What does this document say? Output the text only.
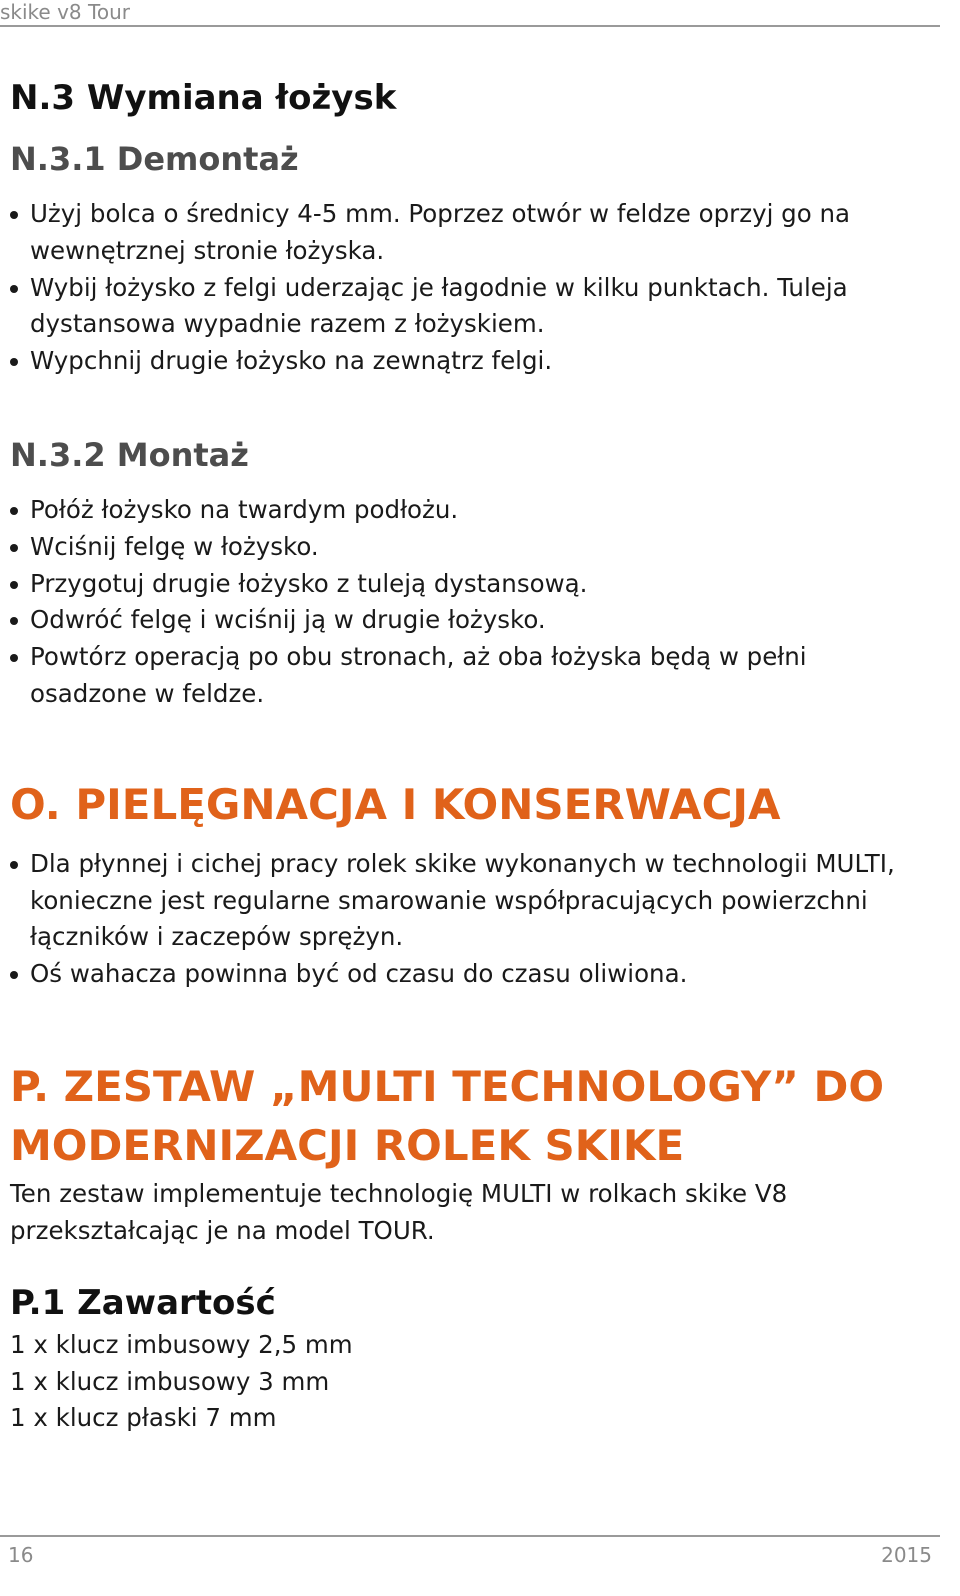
skike v8 Tour
N.3 Wymiana łożysk
N.3.1 Demontaż
Użyj bolca o średnicy 4-5 mm. Poprzez otwór w feldze oprzyj go na wewnętrznej stronie łożyska.
Wybij łożysko z felgi uderzając je łagodnie w kilku punktach. Tuleja dystansowa wypadnie razem z łożyskiem.
Wypchnij drugie łożysko na zewnątrz felgi.
N.3.2 Montaż
Połóż łożysko na twardym podłożu.
Wciśnij felgę w łożysko.
Przygotuj drugie łożysko z tuleją dystansową.
Odwróć felgę i wciśnij ją w drugie łożysko.
Powtórz operacją po obu stronach, aż oba łożyska będą w pełni osadzone w feldze.
O. PIELĘGNACJA I KONSERWACJA
Dla płynnej i cichej pracy rolek skike wykonanych w technologii MULTI, konieczne jest regularne smarowanie współpracujących powierzchni łączników i zaczepów sprężyn.
Oś wahacza powinna być od czasu do czasu oliwiona.
P. ZESTAW „MULTI TECHNOLOGY” DO MODERNIZACJI ROLEK SKIKE

Ten zestaw implementuje technologię MULTI w rolkach skike V8 przekształcając je na model TOUR.

P.1 Zawartość
1 x klucz imbusowy 2,5 mm
1 x klucz imbusowy 3 mm
1 x klucz płaski 7 mm
16	2015
